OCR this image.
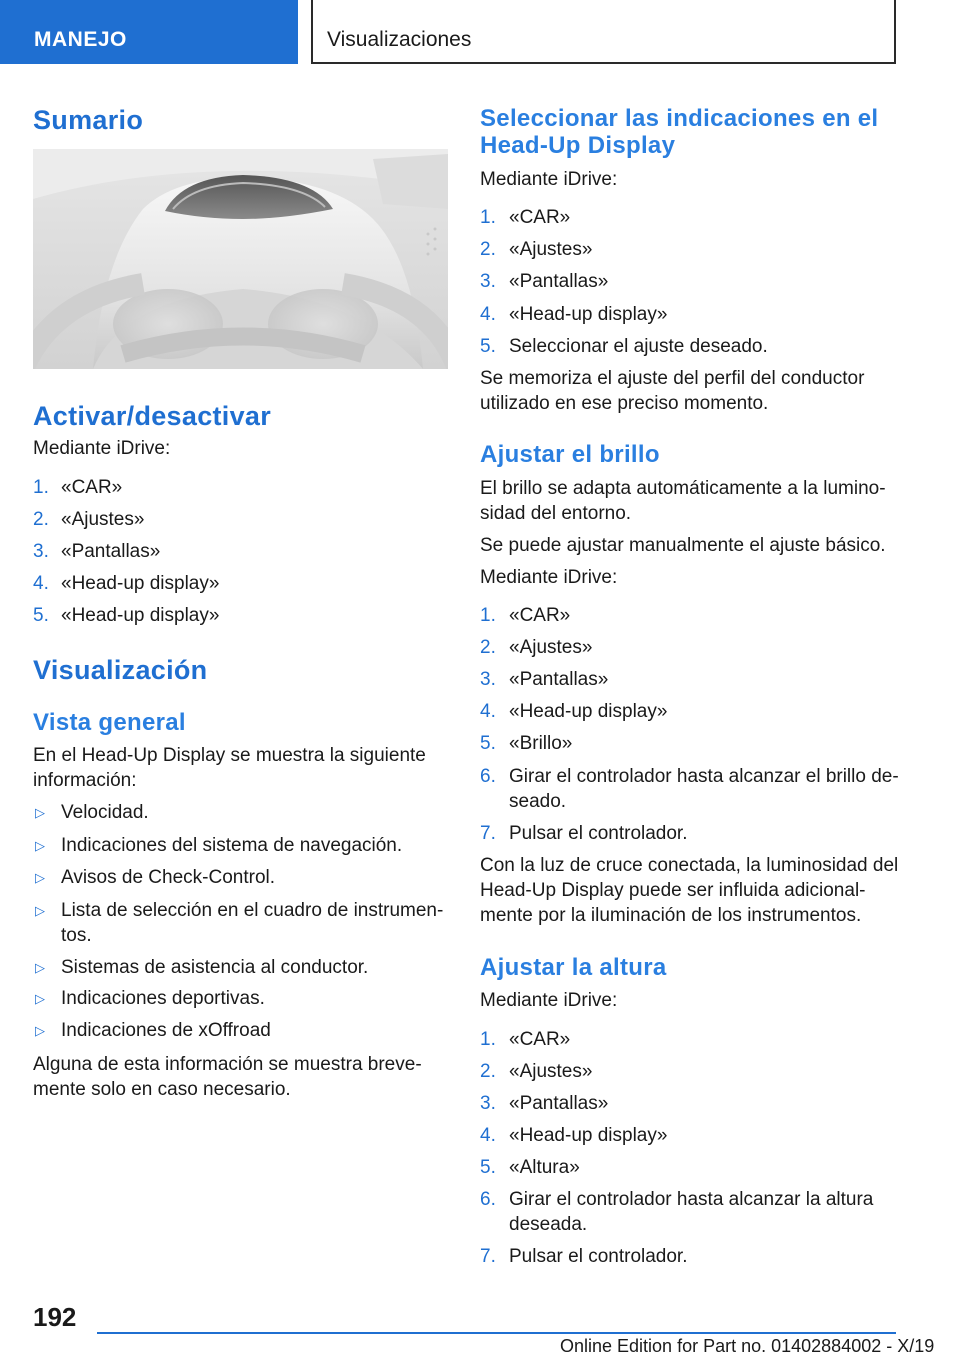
MANEJO	Visualizaciones
Sumario
Activar/desactivar
Mediante iDrive:
1. «CAR»
2. «Ajustes»
3. «Pantallas»
4. «Head-up display»
5. «Head-up display»
Visualización
Vista general
En el Head-Up Display se muestra la siguiente
información:
▷ Velocidad.
▷ Indicaciones del sistema de navegación.
▷ Avisos de Check-Control.
▷ Lista de selección en el cuadro de instrumen-
tos.
▷ Sistemas de asistencia al conductor.
▷ Indicaciones deportivas.
▷ Indicaciones de xOffroad
Alguna de esta información se muestra breve-
mente solo en caso necesario.
Seleccionar las indicaciones en el
Head-Up Display
Mediante iDrive:
1. «CAR»
2. «Ajustes»
3. «Pantallas»
4. «Head-up display»
5. Seleccionar el ajuste deseado.
Se memoriza el ajuste del perfil del conductor
utilizado en ese preciso momento.
Ajustar el brillo
El brillo se adapta automáticamente a la lumino-
sidad del entorno.
Se puede ajustar manualmente el ajuste básico.
Mediante iDrive:
1. «CAR»
2. «Ajustes»
3. «Pantallas»
4. «Head-up display»
5. «Brillo»
6. Girar el controlador hasta alcanzar el brillo de-
seado.
7. Pulsar el controlador.
Con la luz de cruce conectada, la luminosidad del
Head-Up Display puede ser influida adicional-
mente por la iluminación de los instrumentos.
Ajustar la altura
Mediante iDrive:
1. «CAR»
2. «Ajustes»
3. «Pantallas»
4. «Head-up display»
5. «Altura»
6. Girar el controlador hasta alcanzar la altura
deseada.
7. Pulsar el controlador.
192
Online Edition for Part no. 01402884002 - X/19
